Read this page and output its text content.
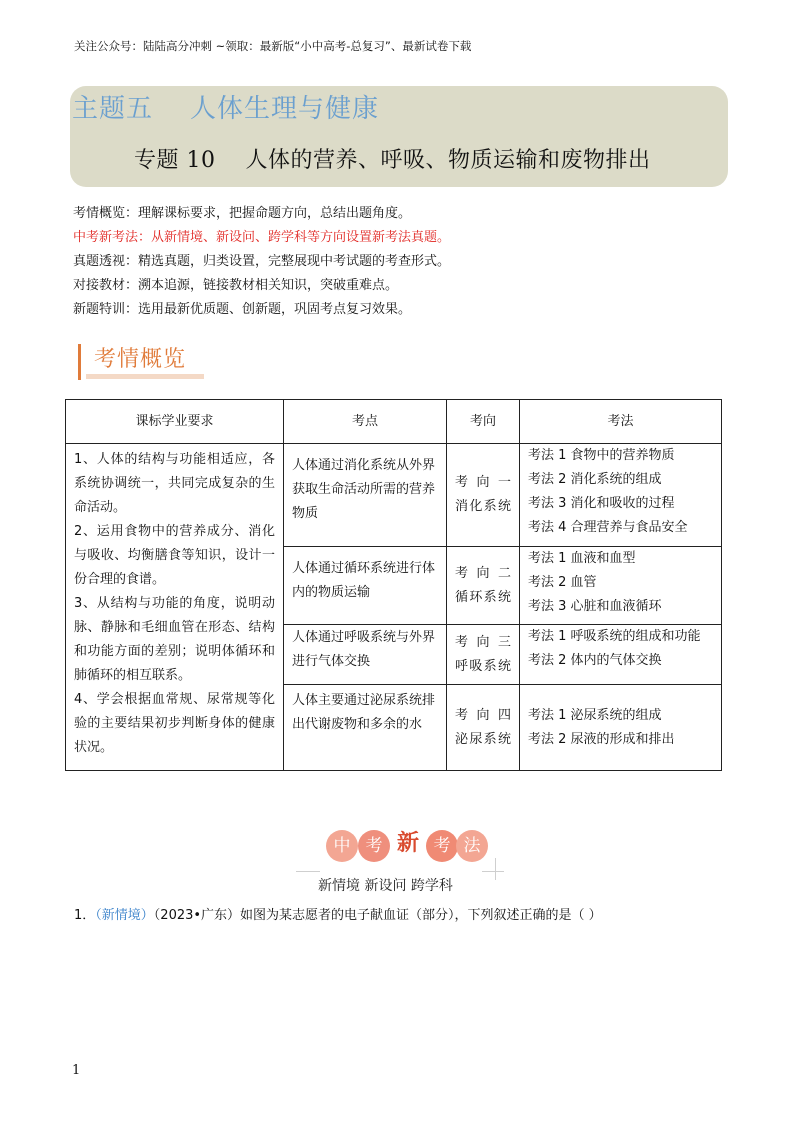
关注公众号：陆陆高分冲刺 ~领取：最新版“小中高考-总复习”、最新试卷下载
主题五    人体生理与健康
专题 10    人体的营养、呼吸、物质运输和废物排出
考情概览：理解课标要求，把握命题方向，总结出题角度。
中考新考法：从新情境、新设问、跨学科等方向设置新考法真题。
真题透视：精选真题，归类设置，完整展现中考试题的考查形式。
对接教材：溯本追源，链接教材相关知识，突破重难点。
新题特训：选用最新优质题、创新题，巩固考点复习效果。
考情概览
课标学业要求	考点	考向	考法

1、人体的结构与功能相适应，各系统协调统一，共同完成复杂的生命活动。
2、运用食物中的营养成分、消化与吸收、均衡膳食等知识，设计一份合理的食谱。
3、从结构与功能的角度，说明动脉、静脉和毛细血管在形态、结构和功能方面的差别；说明体循环和肺循环的相互联系。
4、学会根据血常规、尿常规等化验的主要结果初步判断身体的健康状况。	人体通过消化系统从外界获取生命活动所需的营养物质	考 向 一
消化系统	考法 1 食物中的营养物质
考法 2 消化系统的组成
考法 3 消化和吸收的过程
考法 4 合理营养与食品安全

	人体通过循环系统进行体内的物质运输	考 向 二
循环系统	考法 1 血液和血型
考法 2 血管
考法 3 心脏和血液循环

	人体通过呼吸系统与外界进行气体交换	考 向 三
呼吸系统	考法 1 呼吸系统的组成和功能
考法 2 体内的气体交换

	人体主要通过泌尿系统排出代谢废物和多余的水	考 向 四
泌尿系统	考法 1 泌尿系统的组成
考法 2 尿液的形成和排出
中 考 新 考 法
新情境 新设问 跨学科
1．（新情境）（2023•广东）如图为某志愿者的电子献血证（部分），下列叙述正确的是（ ）
1
